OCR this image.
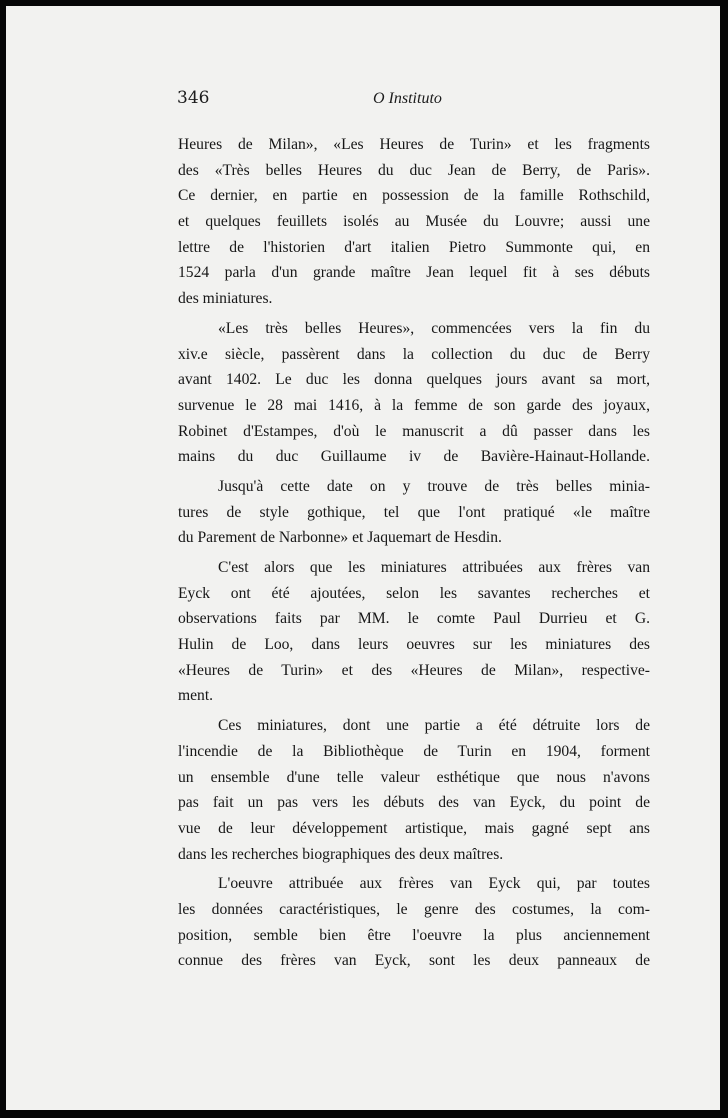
346	O Instituto
Heures de Milan», «Les Heures de Turin» et les fragments
des «Très belles Heures du duc Jean de Berry, de Paris».
Ce dernier, en partie en possession de la famille Rothschild,
et quelques feuillets isolés au Musée du Louvre; aussi une
lettre de l'historien d'art italien Pietro Summonte qui, en
1524 parla d'un grande maître Jean lequel fit à ses débuts
des miniatures.
«Les très belles Heures», commencées vers la fin du
xiv.e siècle, passèrent dans la collection du duc de Berry
avant 1402. Le duc les donna quelques jours avant sa mort,
survenue le 28 mai 1416, à la femme de son garde des joyaux,
Robinet d'Estampes, d'où le manuscrit a dû passer dans les
mains du duc Guillaume iv de Bavière-Hainaut-Hollande.
Jusqu'à cette date on y trouve de très belles minia-
tures de style gothique, tel que l'ont pratiqué «le maître
du Parement de Narbonne» et Jaquemart de Hesdin.
C'est alors que les miniatures attribuées aux frères van
Eyck ont été ajoutées, selon les savantes recherches et
observations faits par MM. le comte Paul Durrieu et G.
Hulin de Loo, dans leurs oeuvres sur les miniatures des
«Heures de Turin» et des «Heures de Milan», respective-
ment.
Ces miniatures, dont une partie a été détruite lors de
l'incendie de la Bibliothèque de Turin en 1904, forment
un ensemble d'une telle valeur esthétique que nous n'avons
pas fait un pas vers les débuts des van Eyck, du point de
vue de leur développement artistique, mais gagné sept ans
dans les recherches biographiques des deux maîtres.
L'oeuvre attribuée aux frères van Eyck qui, par toutes
les données caractéristiques, le genre des costumes, la com-
position, semble bien être l'oeuvre la plus anciennement
connue des frères van Eyck, sont les deux panneaux de
